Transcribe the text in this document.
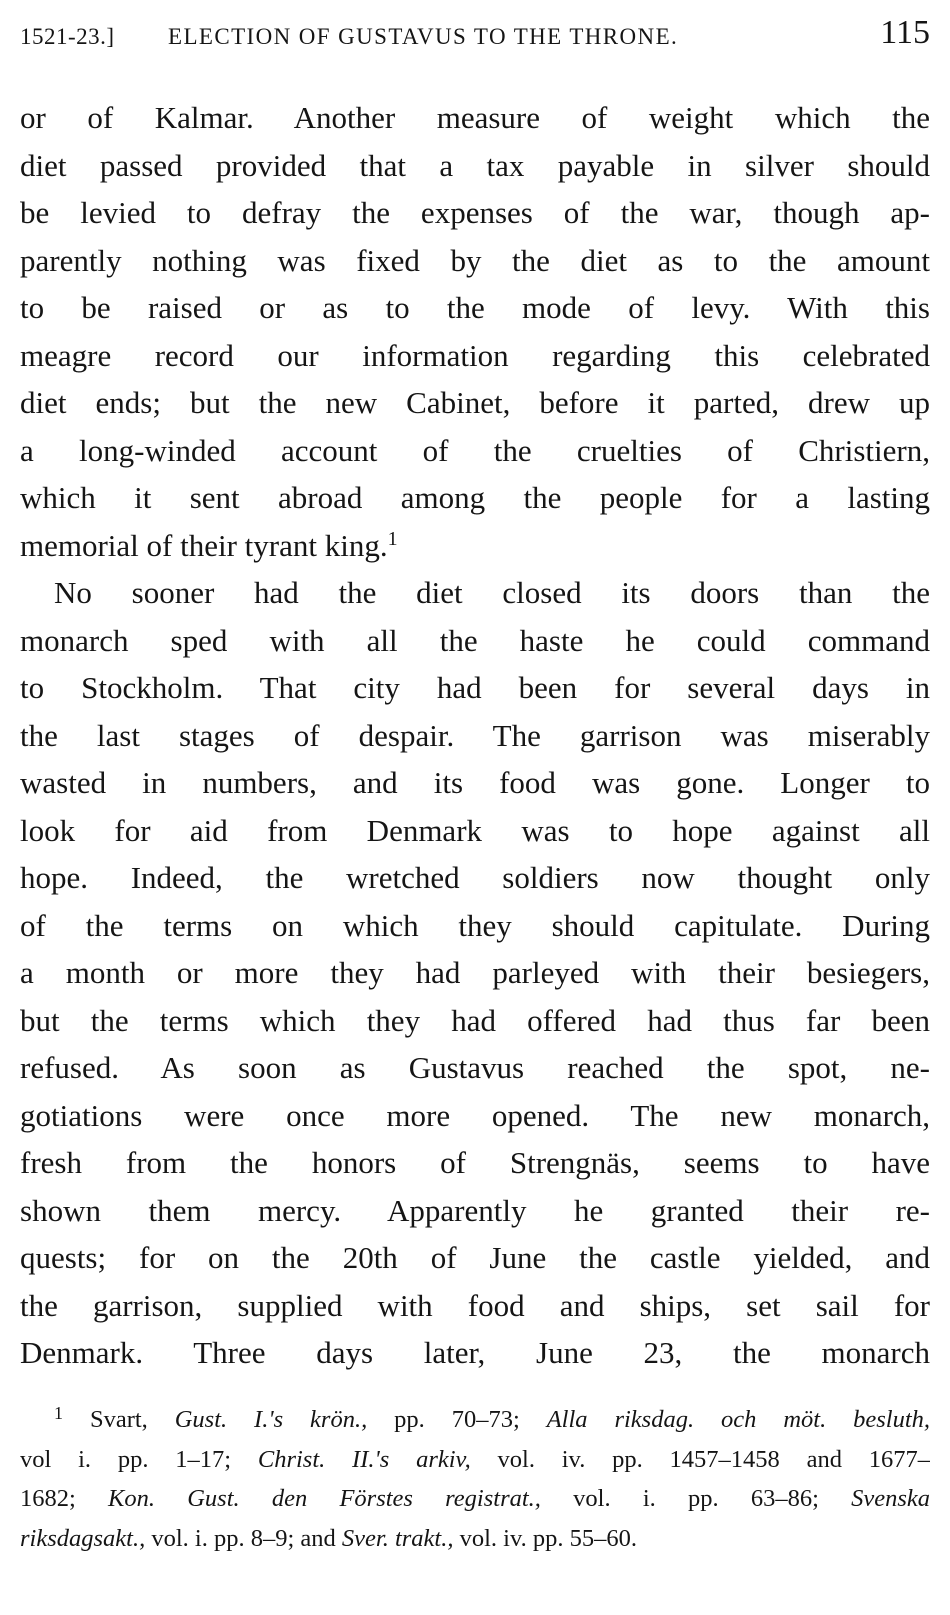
1521-23.] ELECTION OF GUSTAVUS TO THE THRONE.	115
or of Kalmar. Another measure of weight which the
diet passed provided that a tax payable in silver should
be levied to defray the expenses of the war, though ap-
parently nothing was fixed by the diet as to the amount
to be raised or as to the mode of levy. With this
meagre record our information regarding this celebrated
diet ends; but the new Cabinet, before it parted, drew up
a long-winded account of the cruelties of Christiern,
which it sent abroad among the people for a lasting
memorial of their tyrant king.$^1$
No sooner had the diet closed its doors than the
monarch sped with all the haste he could command
to Stockholm. That city had been for several days in
the last stages of despair. The garrison was miserably
wasted in numbers, and its food was gone. Longer to
look for aid from Denmark was to hope against all
hope. Indeed, the wretched soldiers now thought only
of the terms on which they should capitulate. During
a month or more they had parleyed with their besiegers,
but the terms which they had offered had thus far been
refused. As soon as Gustavus reached the spot, ne-
gotiations were once more opened. The new monarch,
fresh from the honors of Strengnäs, seems to have
shown them mercy. Apparently he granted their re-
quests; for on the 20th of June the castle yielded, and
the garrison, supplied with food and ships, set sail for
Denmark. Three days later, June 23, the monarch
$^1$ Svart, Gust. I.'s krön., pp. 70–73; Alla riksdag. och möt. besluth,
vol i. pp. 1–17; Christ. II.'s arkiv, vol. iv. pp. 1457–1458 and 1677–
1682; Kon. Gust. den Förstes registrat., vol. i. pp. 63–86; Svenska
riksdagsakt., vol. i. pp. 8–9; and Sver. trakt., vol. iv. pp. 55–60.
